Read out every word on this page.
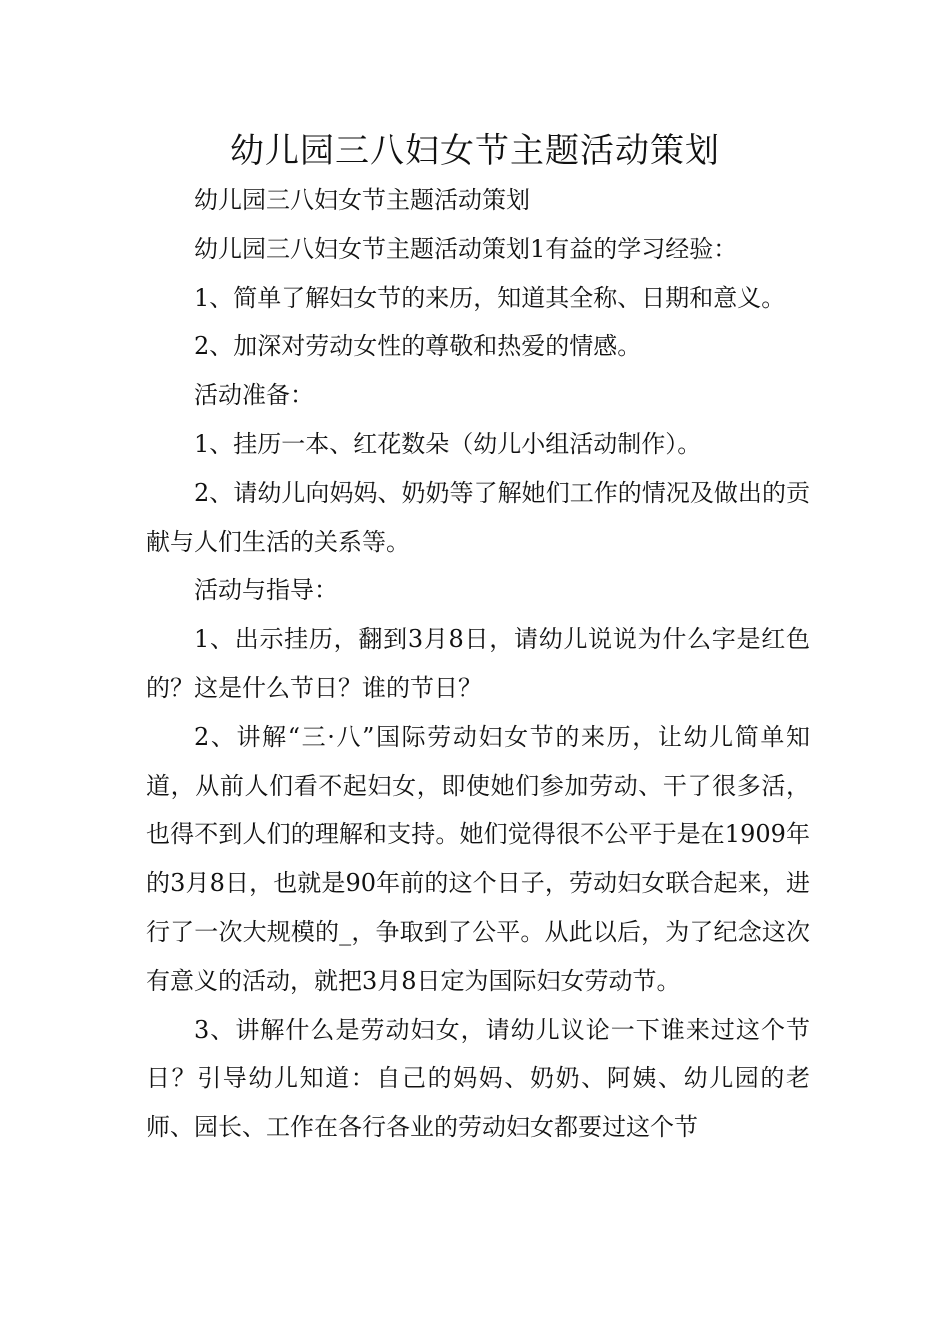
幼儿园三八妇女节主题活动策划

幼儿园三八妇女节主题活动策划

幼儿园三八妇女节主题活动策划1有益的学习经验：

1、简单了解妇女节的来历，知道其全称、日期和意义。

2、加深对劳动女性的尊敬和热爱的情感。

活动准备：

1、挂历一本、红花数朵（幼儿小组活动制作）。

2、请幼儿向妈妈、奶奶等了解她们工作的情况及做出的贡献与人们生活的关系等。

活动与指导：

1、出示挂历，翻到3月8日，请幼儿说说为什么字是红色的？这是什么节日？谁的节日？

2、讲解“三·八”国际劳动妇女节的来历，让幼儿简单知道，从前人们看不起妇女，即使她们参加劳动、干了很多活，也得不到人们的理解和支持。她们觉得很不公平于是在1909年的3月8日，也就是90年前的这个日子，劳动妇女联合起来，进行了一次大规模的_，争取到了公平。从此以后，为了纪念这次有意义的活动，就把3月8日定为国际妇女劳动节。

3、讲解什么是劳动妇女，请幼儿议论一下谁来过这个节日？引导幼儿知道：自己的妈妈、奶奶、阿姨、幼儿园的老师、园长、工作在各行各业的劳动妇女都要过这个节
